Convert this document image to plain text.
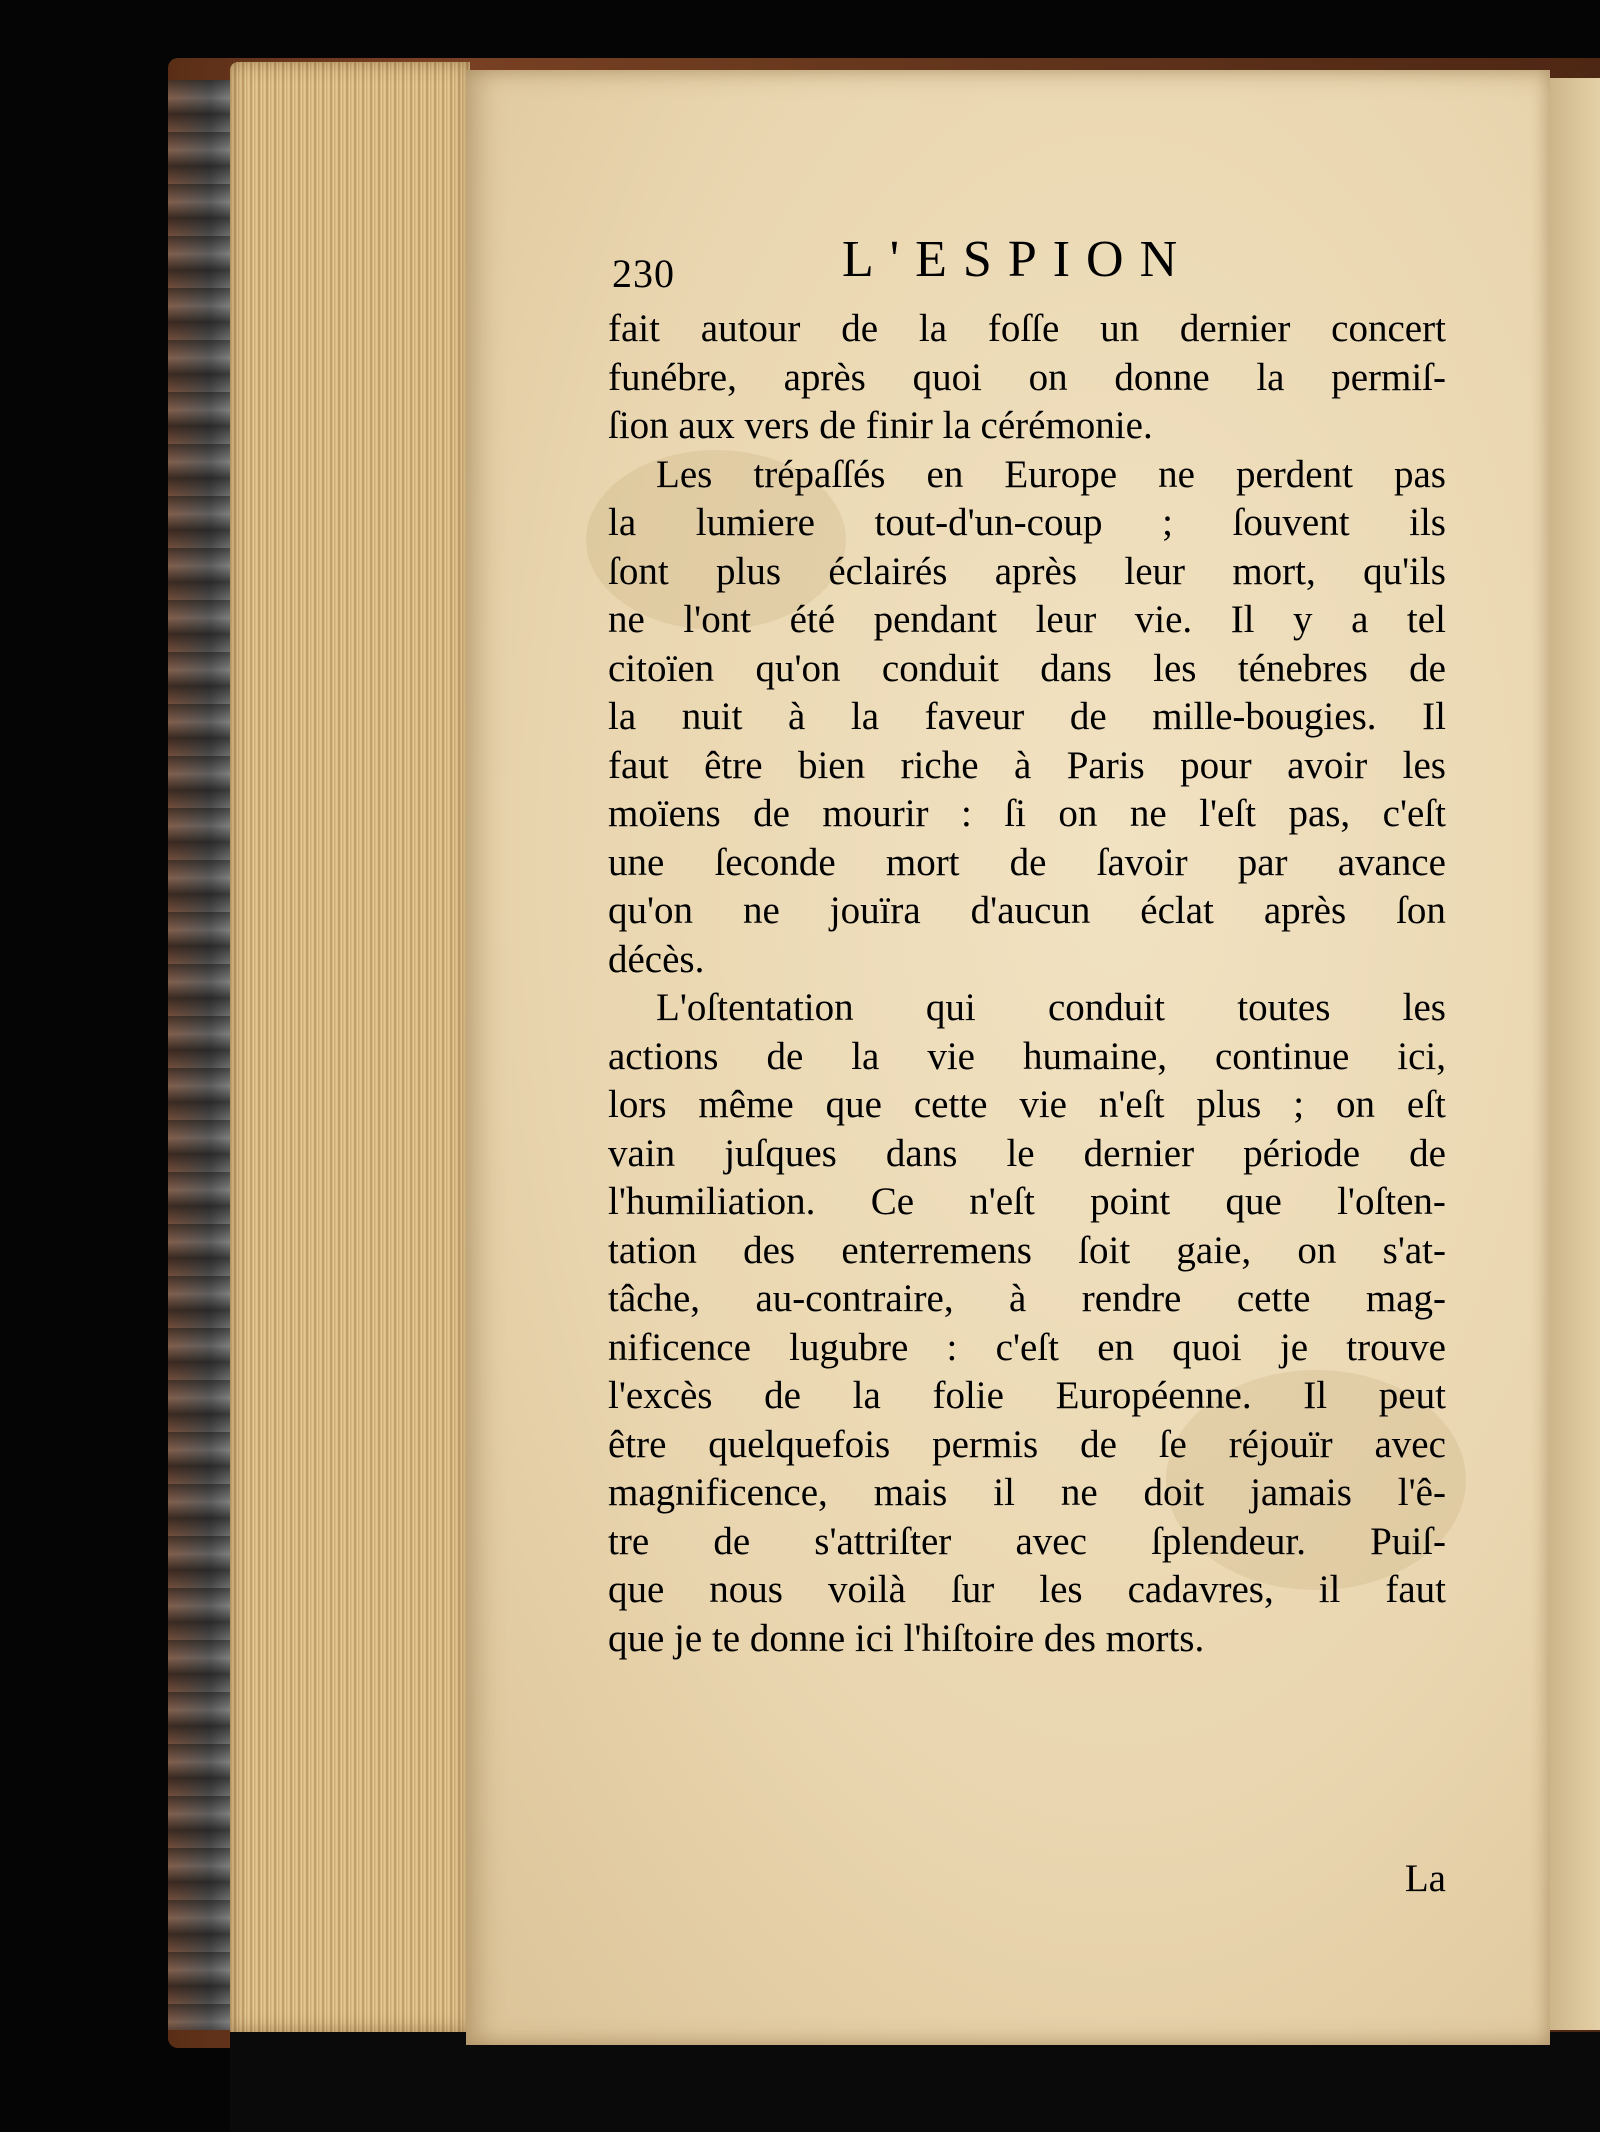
230	L'ESPION
fait autour de la foſſe un dernier concert
funébre, après quoi on donne la permiſ-
ſion aux vers de finir la cérémonie.
Les trépaſſés en Europe ne perdent pas
la lumiere tout-d'un-coup ; ſouvent ils
ſont plus éclairés après leur mort, qu'ils
ne l'ont été pendant leur vie. Il y a tel
citoïen qu'on conduit dans les ténebres de
la nuit à la faveur de mille-bougies. Il
faut être bien riche à Paris pour avoir les
moïens de mourir : ſi on ne l'eſt pas, c'eſt
une ſeconde mort de ſavoir par avance
qu'on ne jouïra d'aucun éclat après ſon
décès.
L'oſtentation qui conduit toutes les
actions de la vie humaine, continue ici,
lors même que cette vie n'eſt plus ; on eſt
vain juſques dans le dernier période de
l'humiliation. Ce n'eſt point que l'oſten-
tation des enterremens ſoit gaie, on s'at-
tâche, au-contraire, à rendre cette mag-
nificence lugubre : c'eſt en quoi je trouve
l'excès de la folie Européenne. Il peut
être quelquefois permis de ſe réjouïr avec
magnificence, mais il ne doit jamais l'ê-
tre de s'attriſter avec ſplendeur. Puiſ-
que nous voilà ſur les cadavres, il faut
que je te donne ici l'hiſtoire des morts.
La
